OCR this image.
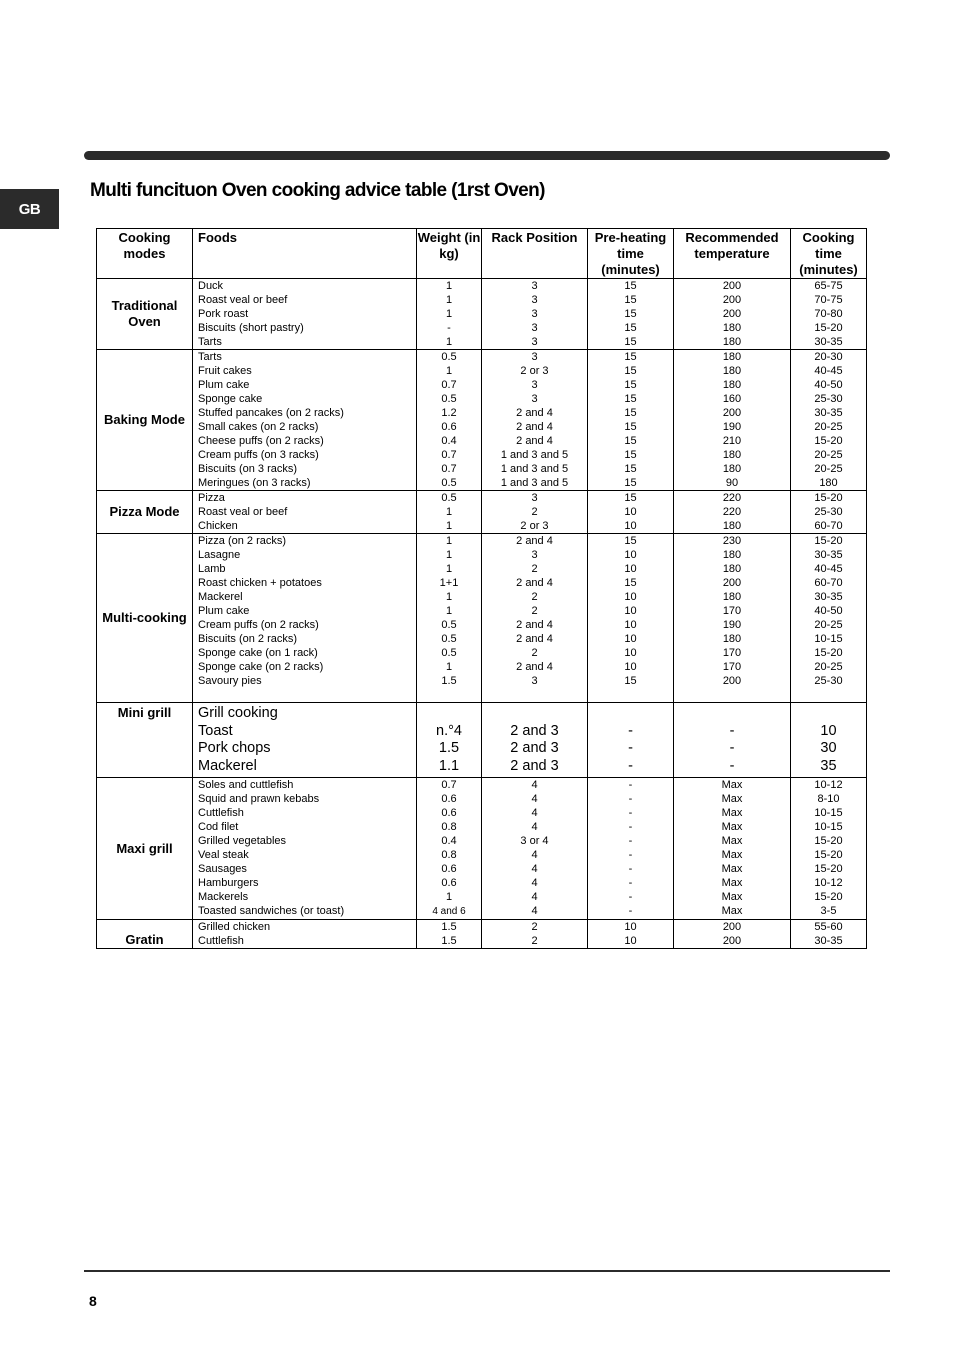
GB
Multi funcituon Oven cooking advice table (1rst Oven)
Cooking modes	Foods	Weight (in kg)	Rack Position	Pre-heating time (minutes)	Recommended temperature	Cooking time (minutes)
Traditional Oven	Duck	1	3	15	200	65-75
	Roast veal or beef	1	3	15	200	70-75
	Pork roast	1	3	15	200	70-80
	Biscuits (short pastry)	-	3	15	180	15-20
	Tarts	1	3	15	180	30-35
Baking Mode	Tarts	0.5	3	15	180	20-30
	Fruit cakes	1	2 or 3	15	180	40-45
	Plum cake	0.7	3	15	180	40-50
	Sponge cake	0.5	3	15	160	25-30
	Stuffed pancakes (on 2 racks)	1.2	2 and 4	15	200	30-35
	Small cakes (on 2 racks)	0.6	2 and 4	15	190	20-25
	Cheese puffs (on 2 racks)	0.4	2 and 4	15	210	15-20
	Cream puffs (on 3 racks)	0.7	1 and 3 and 5	15	180	20-25
	Biscuits (on 3 racks)	0.7	1 and 3 and 5	15	180	20-25
	Meringues (on 3 racks)	0.5	1 and 3 and 5	15	90	180
Pizza Mode	Pizza	0.5	3	15	220	15-20
	Roast veal or beef	1	2	10	220	25-30
	Chicken	1	2 or 3	10	180	60-70
Multi-cooking	Pizza (on 2 racks)	1	2 and 4	15	230	15-20
	Lasagne	1	3	10	180	30-35
	Lamb	1	2	10	180	40-45
	Roast chicken + potatoes	1+1	2 and 4	15	200	60-70
	Mackerel	1	2	10	180	30-35
	Plum cake	1	2	10	170	40-50
	Cream puffs (on 2 racks)	0.5	2 and 4	10	190	20-25
	Biscuits (on 2 racks)	0.5	2 and 4	10	180	10-15
	Sponge cake (on 1 rack)	0.5	2	10	170	15-20
	Sponge cake (on 2 racks)	1	2 and 4	10	170	20-25
	Savoury pies	1.5	3	15	200	25-30

Mini grill	Grill cooking					
	Toast	n.°4	2 and 3	-	-	10
	Pork chops	1.5	2 and 3	-	-	30
	Mackerel	1.1	2 and 3	-	-	35
Maxi grill	Soles and cuttlefish	0.7	4	-	Max	10-12
	Squid and prawn kebabs	0.6	4	-	Max	8-10
	Cuttlefish	0.6	4	-	Max	10-15
	Cod filet	0.8	4	-	Max	10-15
	Grilled vegetables	0.4	3 or 4	-	Max	15-20
	Veal steak	0.8	4	-	Max	15-20
	Sausages	0.6	4	-	Max	15-20
	Hamburgers	0.6	4	-	Max	10-12
	Mackerels	1	4	-	Max	15-20
	Toasted sandwiches (or toast)	4 and 6	4	-	Max	3-5
Gratin	Grilled chicken	1.5	2	10	200	55-60
	Cuttlefish	1.5	2	10	200	30-35
8
